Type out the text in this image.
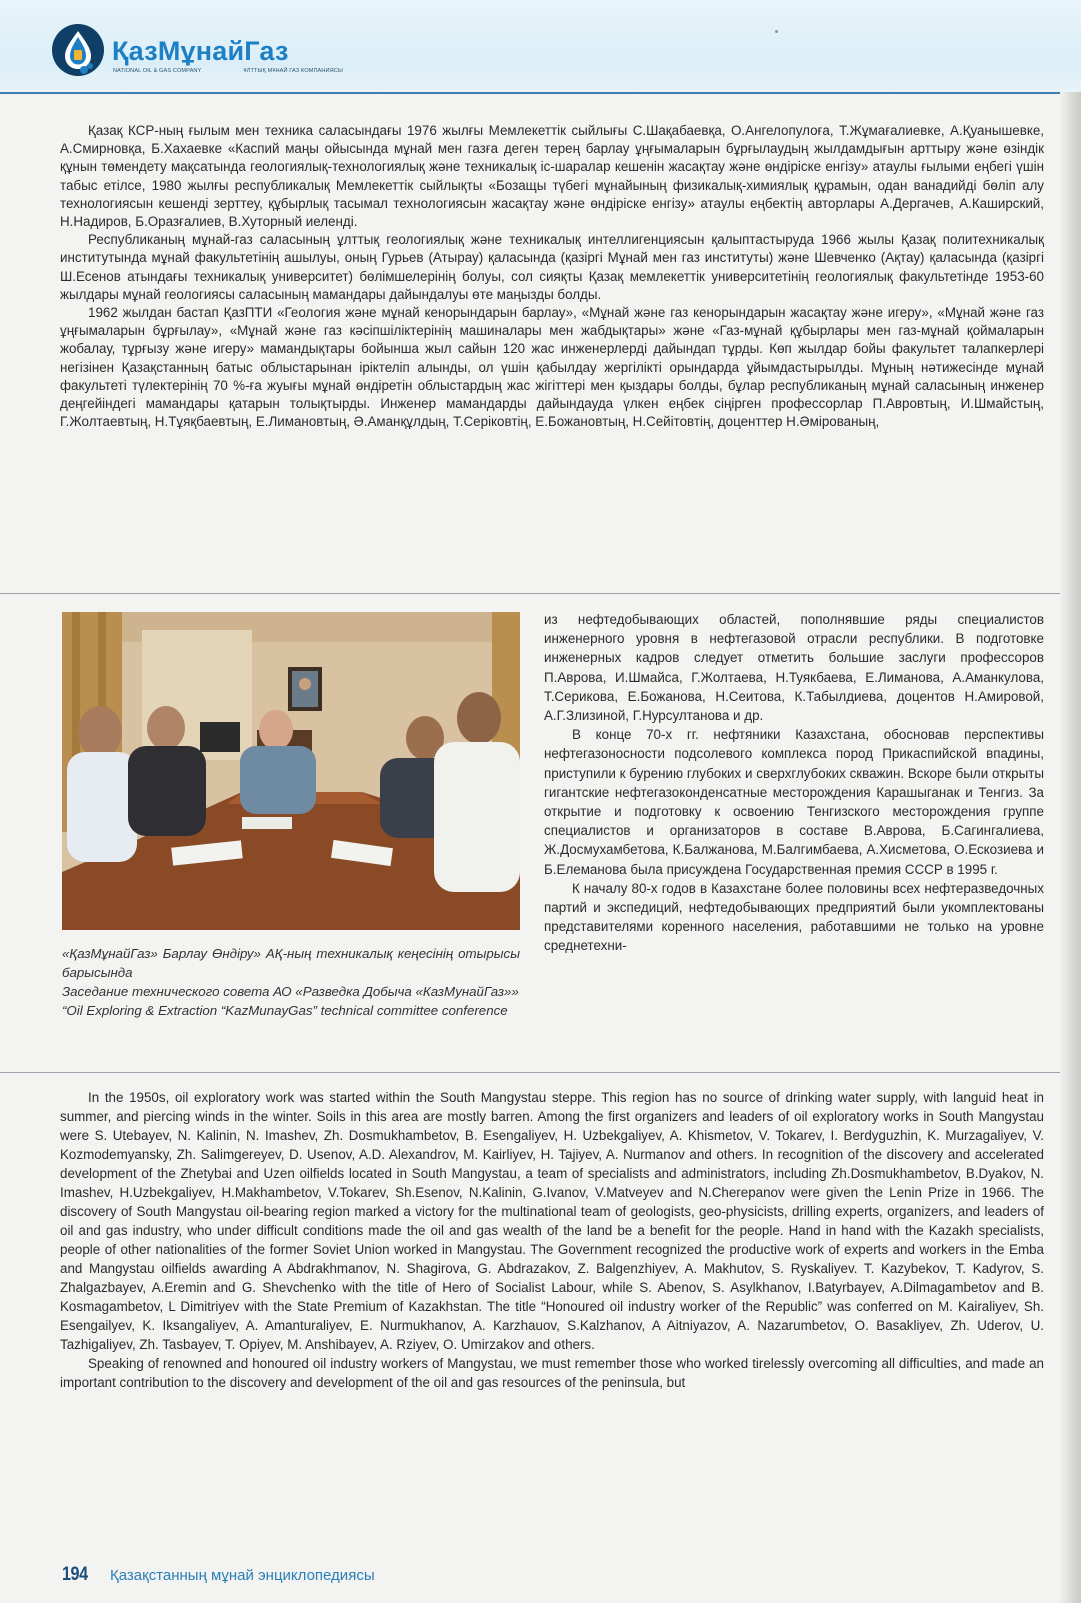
ҚазМұнайГаз
NATIONAL OIL & GAS COMPANY	ҰЛТТЫҚ МҰНАЙ ГАЗ КОМПАНИЯСЫ

Қазақ КСР-ның ғылым мен техника саласындағы 1976 жылғы Мемлекеттік сыйлығы С.Шақабаевқа, О.Ангелопулоға, Т.Жұмағалиевке, А.Қуанышевке, А.Смирновқа, Б.Хахаевке «Каспий маңы ойысында мұнай мен газға деген терең барлау ұңғымаларын бұрғылаудың жылдамдығын арттыру және өзіндік құнын төмендету мақсатында геологиялық-технологиялық және техникалық іс-шаралар кешенін жасақтау және өндіріске енгізу» атаулы ғылыми еңбегі үшін табыс етілсе, 1980 жылғы республикалық Мемлекеттік сыйлықты «Бозащы түбегі мұнайының физикалық-химиялық құрамын, одан ванадийді бөліп алу технологиясын кешенді зерттеу, құбырлық тасымал технологиясын жасақтау және өндіріске енгізу» атаулы еңбектің авторлары А.Дергачев, А.Каширский, Н.Надиров, Б.Оразғалиев, В.Хуторный иеленді.

Республиканың мұнай-газ саласының ұлттық геологиялық және техникалық интеллигенциясын қалыптастыруда 1966 жылы Қазақ политехникалық институтында мұнай факультетінің ашылуы, оның Гурьев (Атырау) қаласында (қазіргі Мұнай мен газ институты) және Шевченко (Ақтау) қаласында (қазіргі Ш.Есенов атындағы техникалық университет) бөлімшелерінің болуы, сол сияқты Қазақ мемлекеттік университетінің геологиялық факультетінде 1953-60 жылдары мұнай геологиясы саласының мамандары дайындалуы өте маңызды болды.

1962 жылдан бастап ҚазПТИ «Геология және мұнай кенорындарын барлау», «Мұнай және газ кенорындарын жасақтау және игеру», «Мұнай және газ ұңғымаларын бұрғылау», «Мұнай және газ кәсіпшіліктерінің машиналары мен жабдықтары» және «Газ-мұнай құбырлары мен газ-мұнай қоймаларын жобалау, тұрғызу және игеру» мамандықтары бойынша жыл сайын 120 жас инженерлерді дайындап тұрды. Көп жылдар бойы факультет талапкерлері негізінен Қазақстанның батыс облыстарынан іріктеліп алынды, ол үшін қабылдау жергілікті орындарда ұйымдастырылды. Мұның нәтижесінде мұнай факультеті түлектерінің 70 %-ға жуығы мұнай өндіретін облыстардың жас жігіттері мен қыздары болды, бұлар республиканың мұнай саласының инженер деңгейіндегі мамандары қатарын толықтырды. Инженер мамандарды дайындауда үлкен еңбек сіңірген профессорлар П.Авровтың, И.Шмайстың, Г.Жолтаевтың, Н.Тұяқбаевтың, Е.Лимановтың, Ә.Аманқұлдың, Т.Серіковтің, Е.Божановтың, Н.Сейітовтің, доценттер Н.Әмірованың,

«ҚазМұнайГаз» Барлау Өндіру» АҚ-ның техникалық кеңесінің отырысы барысында

Заседание технического совета АО «Разведка Добыча «КазМунайГаз»»

“Oil Exploring & Extraction “KazMunayGas” technical committee conference

из нефтедобывающих областей, пополнявшие ряды специалистов инженерного уровня в нефтегазовой отрасли республики. В подготовке инженерных кадров следует отметить большие заслуги профессоров П.Аврова, И.Шмайса, Г.Жолтаева, Н.Туякбаева, Е.Лиманова, А.Аманкулова, Т.Серикова, Е.Божанова, Н.Сеитова, К.Табылдиева, доцентов Н.Амировой, А.Г.Злизиной, Г.Нурсултанова и др.

В конце 70-х гг. нефтяники Казахстана, обосновав перспективы нефтегазоносности подсолевого комплекса пород Прикаспийской впадины, приступили к бурению глубоких и сверхглубоких скважин. Вскоре были открыты гигантские нефтегазоконденсатные месторождения Карашыганак и Тенгиз. За открытие и подготовку к освоению Тенгизского месторождения группе специалистов и организаторов в составе В.Аврова, Б.Сагингалиева, Ж.Досмухамбетова, К.Балжанова, М.Балгимбаева, А.Хисметова, О.Ескозиева и Б.Елеманова была присуждена Государственная премия СССР в 1995 г.

К началу 80-х годов в Казахстане более половины всех нефтеразведочных партий и экспедиций, нефтедобывающих предприятий были укомплектованы представителями коренного населения, работавшими не только на уровне среднетехни-

In the 1950s, oil exploratory work was started within the South Mangystau steppe. This region has no source of drinking water supply, with languid heat in summer, and piercing winds in the winter. Soils in this area are mostly barren. Among the first organizers and leaders of oil exploratory works in South Mangystau were S. Utebayev, N. Kalinin, N. Imashev, Zh. Dosmukhambetov, B. Esengaliyev, H. Uzbekgaliyev, A. Khismetov, V. Tokarev, I. Berdyguzhin, K. Murzagaliyev, V. Kozmodemyansky, Zh. Salimgereyev, D. Usenov, A.D. Alexandrov, M. Kairliyev, H. Tajiyev, A. Nurmanov and others. In recognition of the discovery and accelerated development of the Zhetybai and Uzen oilfields located in South Mangystau, a team of specialists and administrators, including Zh.Dosmukhambetov, B.Dyakov, N. Imashev, H.Uzbekgaliyev, H.Makhambetov, V.Tokarev, Sh.Esenov, N.Kalinin, G.Ivanov, V.Matveyev and N.Cherepanov were given the Lenin Prize in 1966. The discovery of South Mangystau oil-bearing region marked a victory for the multinational team of geologists, geo-physicists, drilling experts, organizers, and leaders of oil and gas industry, who under difficult conditions made the oil and gas wealth of the land be a benefit for the people. Hand in hand with the Kazakh specialists, people of other nationalities of the former Soviet Union worked in Mangystau. The Government recognized the productive work of experts and workers in the Emba and Mangystau oilfields awarding A Abdrakhmanov, N. Shagirova, G. Abdrazakov, Z. Balgenzhiyev, A. Makhutov, S. Ryskaliyev. T. Kazybekov, T. Kadyrov, S. Zhalgazbayev, A.Eremin and G. Shevchenko with the title of Hero of Socialist Labour, while S. Abenov, S. Asylkhanov, I.Batyrbayev, A.Dilmagambetov and B. Kosmagambetov, L Dimitriyev with the State Premium of Kazakhstan. The title “Honoured oil industry worker of the Republic” was conferred on M. Kairaliyev, Sh. Esengailyev, K. Iksangaliyev, A. Amanturaliyev, E. Nurmukhanov, A. Karzhauov, S.Kalzhanov, A Aitniyazov, A. Nazarumbetov, O. Basakliyev, Zh. Uderov, U. Tazhigaliyev, Zh. Tasbayev, T. Opiyev, M. Anshibayev, A. Rziyev, O. Umirzakov and others.

Speaking of renowned and honoured oil industry workers of Mangystau, we must remember those who worked tirelessly overcoming all difficulties, and made an important contribution to the discovery and development of the oil and gas resources of the peninsula, but

194	Қазақстанның мұнай энциклопедиясы
